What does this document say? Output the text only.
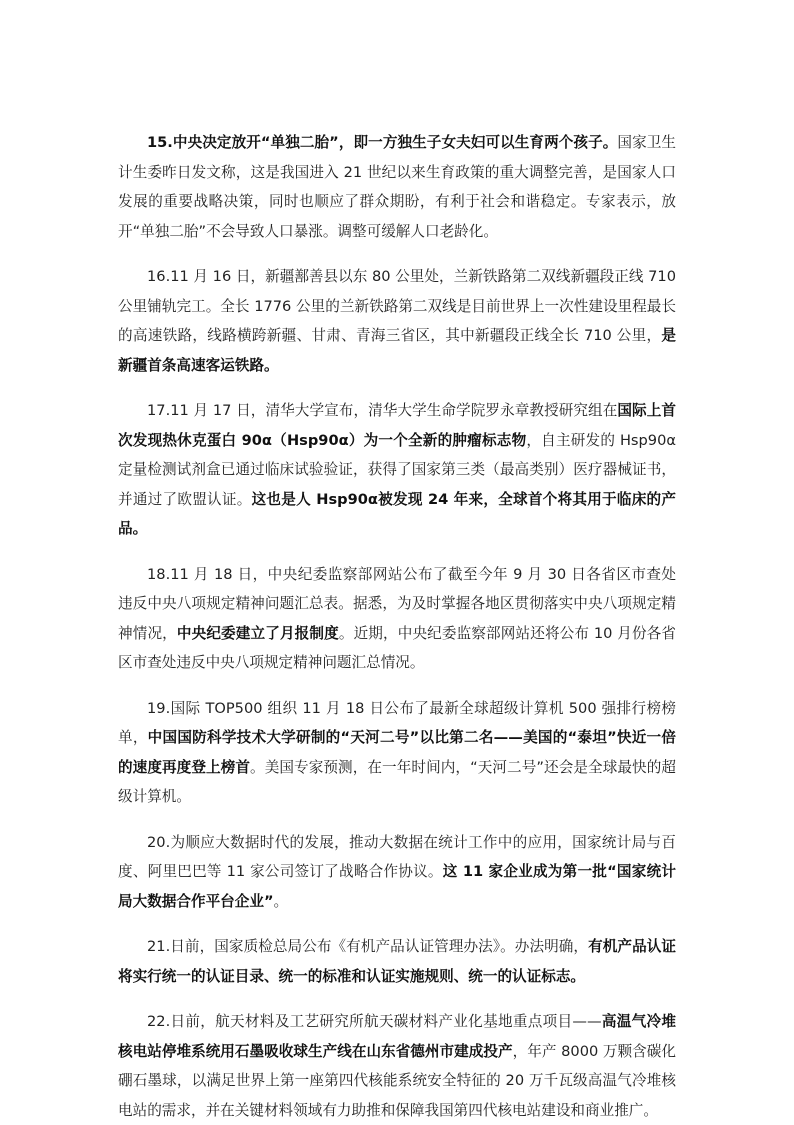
15.中央决定放开“单独二胎”，即一方独生子女夫妇可以生育两个孩子。国家卫生计生委昨日发文称，这是我国进入 21 世纪以来生育政策的重大调整完善，是国家人口发展的重要战略决策，同时也顺应了群众期盼，有利于社会和谐稳定。专家表示，放开“单独二胎”不会导致人口暴涨。调整可缓解人口老龄化。

16.11 月 16 日，新疆鄯善县以东 80 公里处，兰新铁路第二双线新疆段正线 710 公里铺轨完工。全长 1776 公里的兰新铁路第二双线是目前世界上一次性建设里程最长的高速铁路，线路横跨新疆、甘肃、青海三省区，其中新疆段正线全长 710 公里，是新疆首条高速客运铁路。

17.11 月 17 日，清华大学宣布，清华大学生命学院罗永章教授研究组在国际上首次发现热休克蛋白 90α（Hsp90α）为一个全新的肿瘤标志物，自主研发的 Hsp90α定量检测试剂盒已通过临床试验验证，获得了国家第三类（最高类别）医疗器械证书，并通过了欧盟认证。这也是人 Hsp90α被发现 24 年来，全球首个将其用于临床的产品。

18.11 月 18 日，中央纪委监察部网站公布了截至今年 9 月 30 日各省区市查处违反中央八项规定精神问题汇总表。据悉，为及时掌握各地区贯彻落实中央八项规定精神情况，中央纪委建立了月报制度。近期，中央纪委监察部网站还将公布 10 月份各省区市查处违反中央八项规定精神问题汇总情况。

19.国际 TOP500 组织 11 月 18 日公布了最新全球超级计算机 500 强排行榜榜单，中国国防科学技术大学研制的“天河二号”以比第二名——美国的“泰坦”快近一倍的速度再度登上榜首。美国专家预测，在一年时间内，“天河二号”还会是全球最快的超级计算机。

20.为顺应大数据时代的发展，推动大数据在统计工作中的应用，国家统计局与百度、阿里巴巴等 11 家公司签订了战略合作协议。这 11 家企业成为第一批“国家统计局大数据合作平台企业”。

21.日前，国家质检总局公布《有机产品认证管理办法》。办法明确，有机产品认证将实行统一的认证目录、统一的标准和认证实施规则、统一的认证标志。

22.日前，航天材料及工艺研究所航天碳材料产业化基地重点项目——高温气冷堆核电站停堆系统用石墨吸收球生产线在山东省德州市建成投产，年产 8000 万颗含碳化硼石墨球，以满足世界上第一座第四代核能系统安全特征的 20 万千瓦级高温气冷堆核电站的需求，并在关键材料领域有力助推和保障我国第四代核电站建设和商业推广。
